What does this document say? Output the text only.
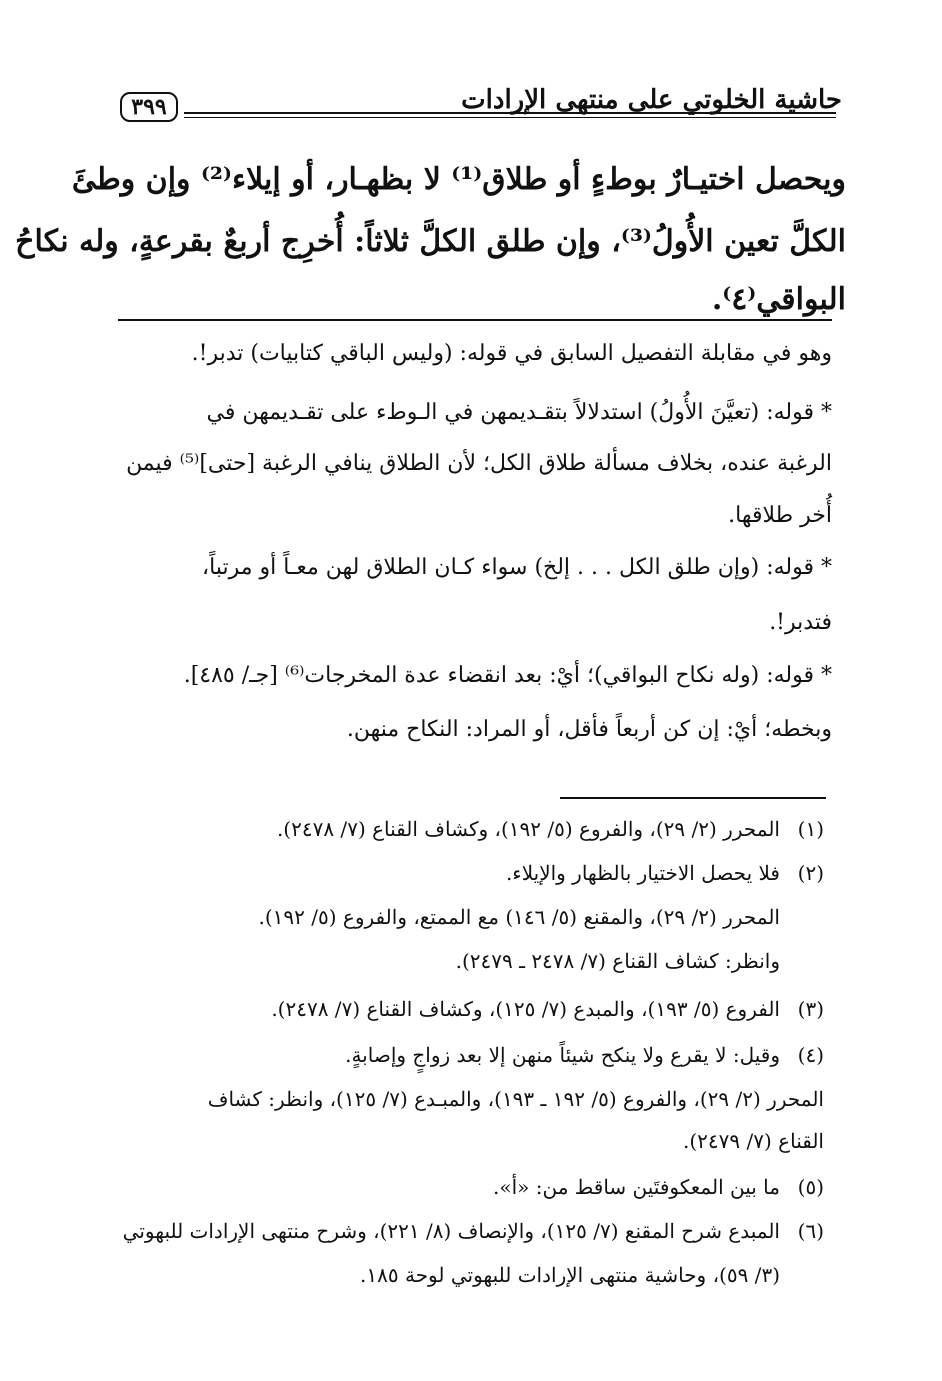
حاشية الخلوتي على منتهى الإرادات
٣٩٩
ويحصل اختيـارٌ بوطءٍ أو طلاق⁽¹⁾ لا بظهـار، أو إيلاء⁽²⁾ وإن وطئَ
الكلَّ تعين الأُولُ⁽³⁾، وإن طلق الكلَّ ثلاثاً: أُخرِج أربعٌ بقرعةٍ، وله نكاحُ
البواقي⁽٤⁾.
وهو في مقابلة التفصيل السابق في قوله: (وليس الباقي كتابيات) تدبر!.
* قوله: (تعيَّنَ الأُولُ) استدلالاً بتقـديمهن في الـوطء على تقـديمهن في
الرغبة عنده، بخلاف مسألة طلاق الكل؛ لأن الطلاق ينافي الرغبة [حتى]⁽⁵⁾ فيمن
أُخر طلاقها.
* قوله: (وإن طلق الكل . . . إلخ) سواء كـان الطلاق لهن معـاً أو مرتباً،
فتدبر!.
* قوله: (وله نكاح البواقي)؛ أيْ: بعد انقضاء عدة المخرجات⁽⁶⁾ [جـ/ ٤٨٥].
وبخطه؛ أيْ: إن كن أربعاً فأقل، أو المراد: النكاح منهن.
(١)
المحرر (٢/ ٢٩)، والفروع (٥/ ١٩٢)، وكشاف القناع (٧/ ٢٤٧٨).
(٢)
فلا يحصل الاختيار بالظهار والإيلاء.
المحرر (٢/ ٢٩)، والمقنع (٥/ ١٤٦) مع الممتع، والفروع (٥/ ١٩٢).
وانظر: كشاف القناع (٧/ ٢٤٧٨ ـ ٢٤٧٩).
(٣)
الفروع (٥/ ١٩٣)، والمبدع (٧/ ١٢٥)، وكشاف القناع (٧/ ٢٤٧٨).
(٤)
وقيل: لا يقرع ولا ينكح شيئاً منهن إلا بعد زواجٍ وإصابةٍ.
المحرر (٢/ ٢٩)، والفروع (٥/ ١٩٢ ـ ١٩٣)، والمبـدع (٧/ ١٢٥)، وانظر: كشاف
القناع (٧/ ٢٤٧٩).
(٥)
ما بين المعكوفتَين ساقط من: «أ».
(٦)
المبدع شرح المقنع (٧/ ١٢٥)، والإنصاف (٨/ ٢٢١)، وشرح منتهى الإرادات للبهوتي
(٣/ ٥٩)، وحاشية منتهى الإرادات للبهوتي لوحة ١٨٥.
